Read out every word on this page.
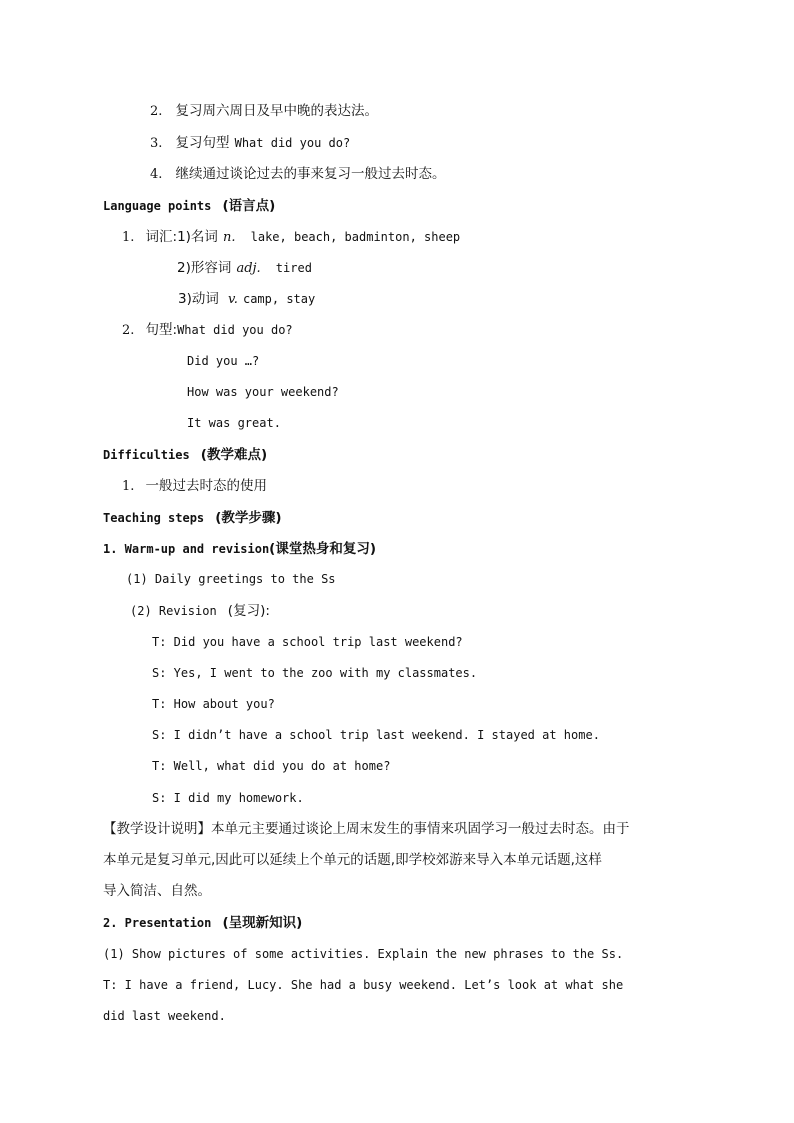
2. 复习周六周日及早中晚的表达法。
3. 复习句型 What did you do?
4. 继续通过谈论过去的事来复习一般过去时态。
Language points (语言点)
1. 词汇:1)名词 n. lake, beach, badminton, sheep
2)形容词 adj. tired
3)动词 v. camp, stay
2. 句型:What did you do?
Did you …?
How was your weekend?
It was great.
Difficulties (教学难点)
1. 一般过去时态的使用
Teaching steps (教学步骤)
1. Warm-up and revision(课堂热身和复习)
(1) Daily greetings to the Ss
(2) Revision (复习):
T: Did you have a school trip last weekend?
S: Yes, I went to the zoo with my classmates.
T: How about you?
S: I didn’t have a school trip last weekend. I stayed at home.
T: Well, what did you do at home?
S: I did my homework.
【教学设计说明】本单元主要通过谈论上周末发生的事情来巩固学习一般过去时态。由于
本单元是复习单元,因此可以延续上个单元的话题,即学校郊游来导入本单元话题,这样
导入简洁、自然。
2. Presentation (呈现新知识)
(1) Show pictures of some activities. Explain the new phrases to the Ss.
T: I have a friend, Lucy. She had a busy weekend. Let’s look at what she
did last weekend.
